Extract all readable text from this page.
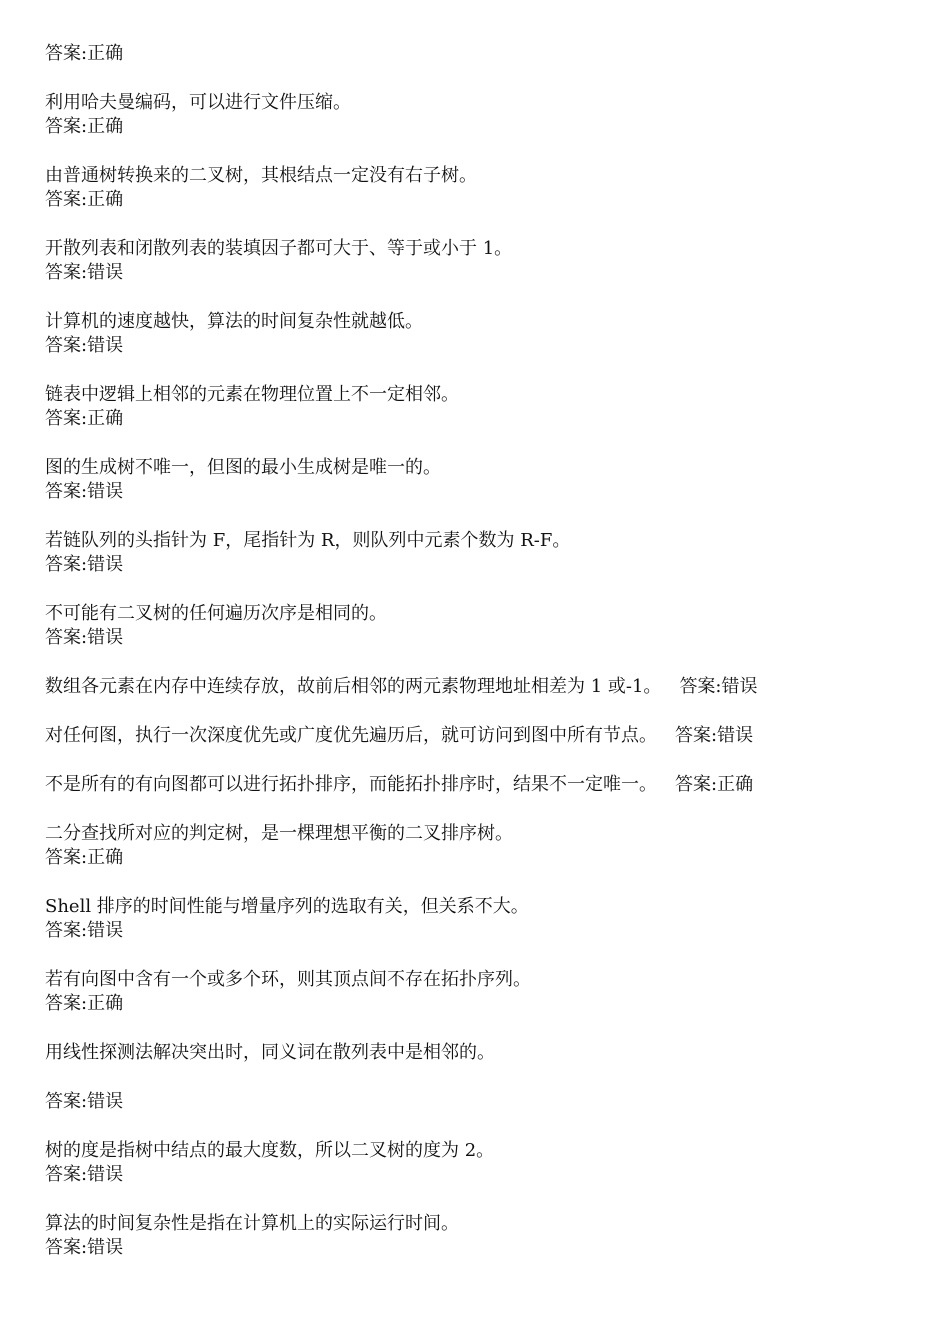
答案:正确
利用哈夫曼编码，可以进行文件压缩。
答案:正确
由普通树转换来的二叉树，其根结点一定没有右子树。
答案:正确
开散列表和闭散列表的装填因子都可大于、等于或小于 1。
答案:错误
计算机的速度越快，算法的时间复杂性就越低。
答案:错误
链表中逻辑上相邻的元素在物理位置上不一定相邻。
答案:正确
图的生成树不唯一，但图的最小生成树是唯一的。
答案:错误
若链队列的头指针为 F，尾指针为 R，则队列中元素个数为 R-F。
答案:错误
不可能有二叉树的任何遍历次序是相同的。
答案:错误
数组各元素在内存中连续存放，故前后相邻的两元素物理地址相差为 1 或-1。 答案:错误
对任何图，执行一次深度优先或广度优先遍历后，就可访问到图中所有节点。 答案:错误
不是所有的有向图都可以进行拓扑排序，而能拓扑排序时，结果不一定唯一。 答案:正确
二分查找所对应的判定树，是一棵理想平衡的二叉排序树。
答案:正确
Shell 排序的时间性能与增量序列的选取有关，但关系不大。
答案:错误
若有向图中含有一个或多个环，则其顶点间不存在拓扑序列。
答案:正确
用线性探测法解决突出时，同义词在散列表中是相邻的。
答案:错误
树的度是指树中结点的最大度数，所以二叉树的度为 2。
答案:错误
算法的时间复杂性是指在计算机上的实际运行时间。
答案:错误
